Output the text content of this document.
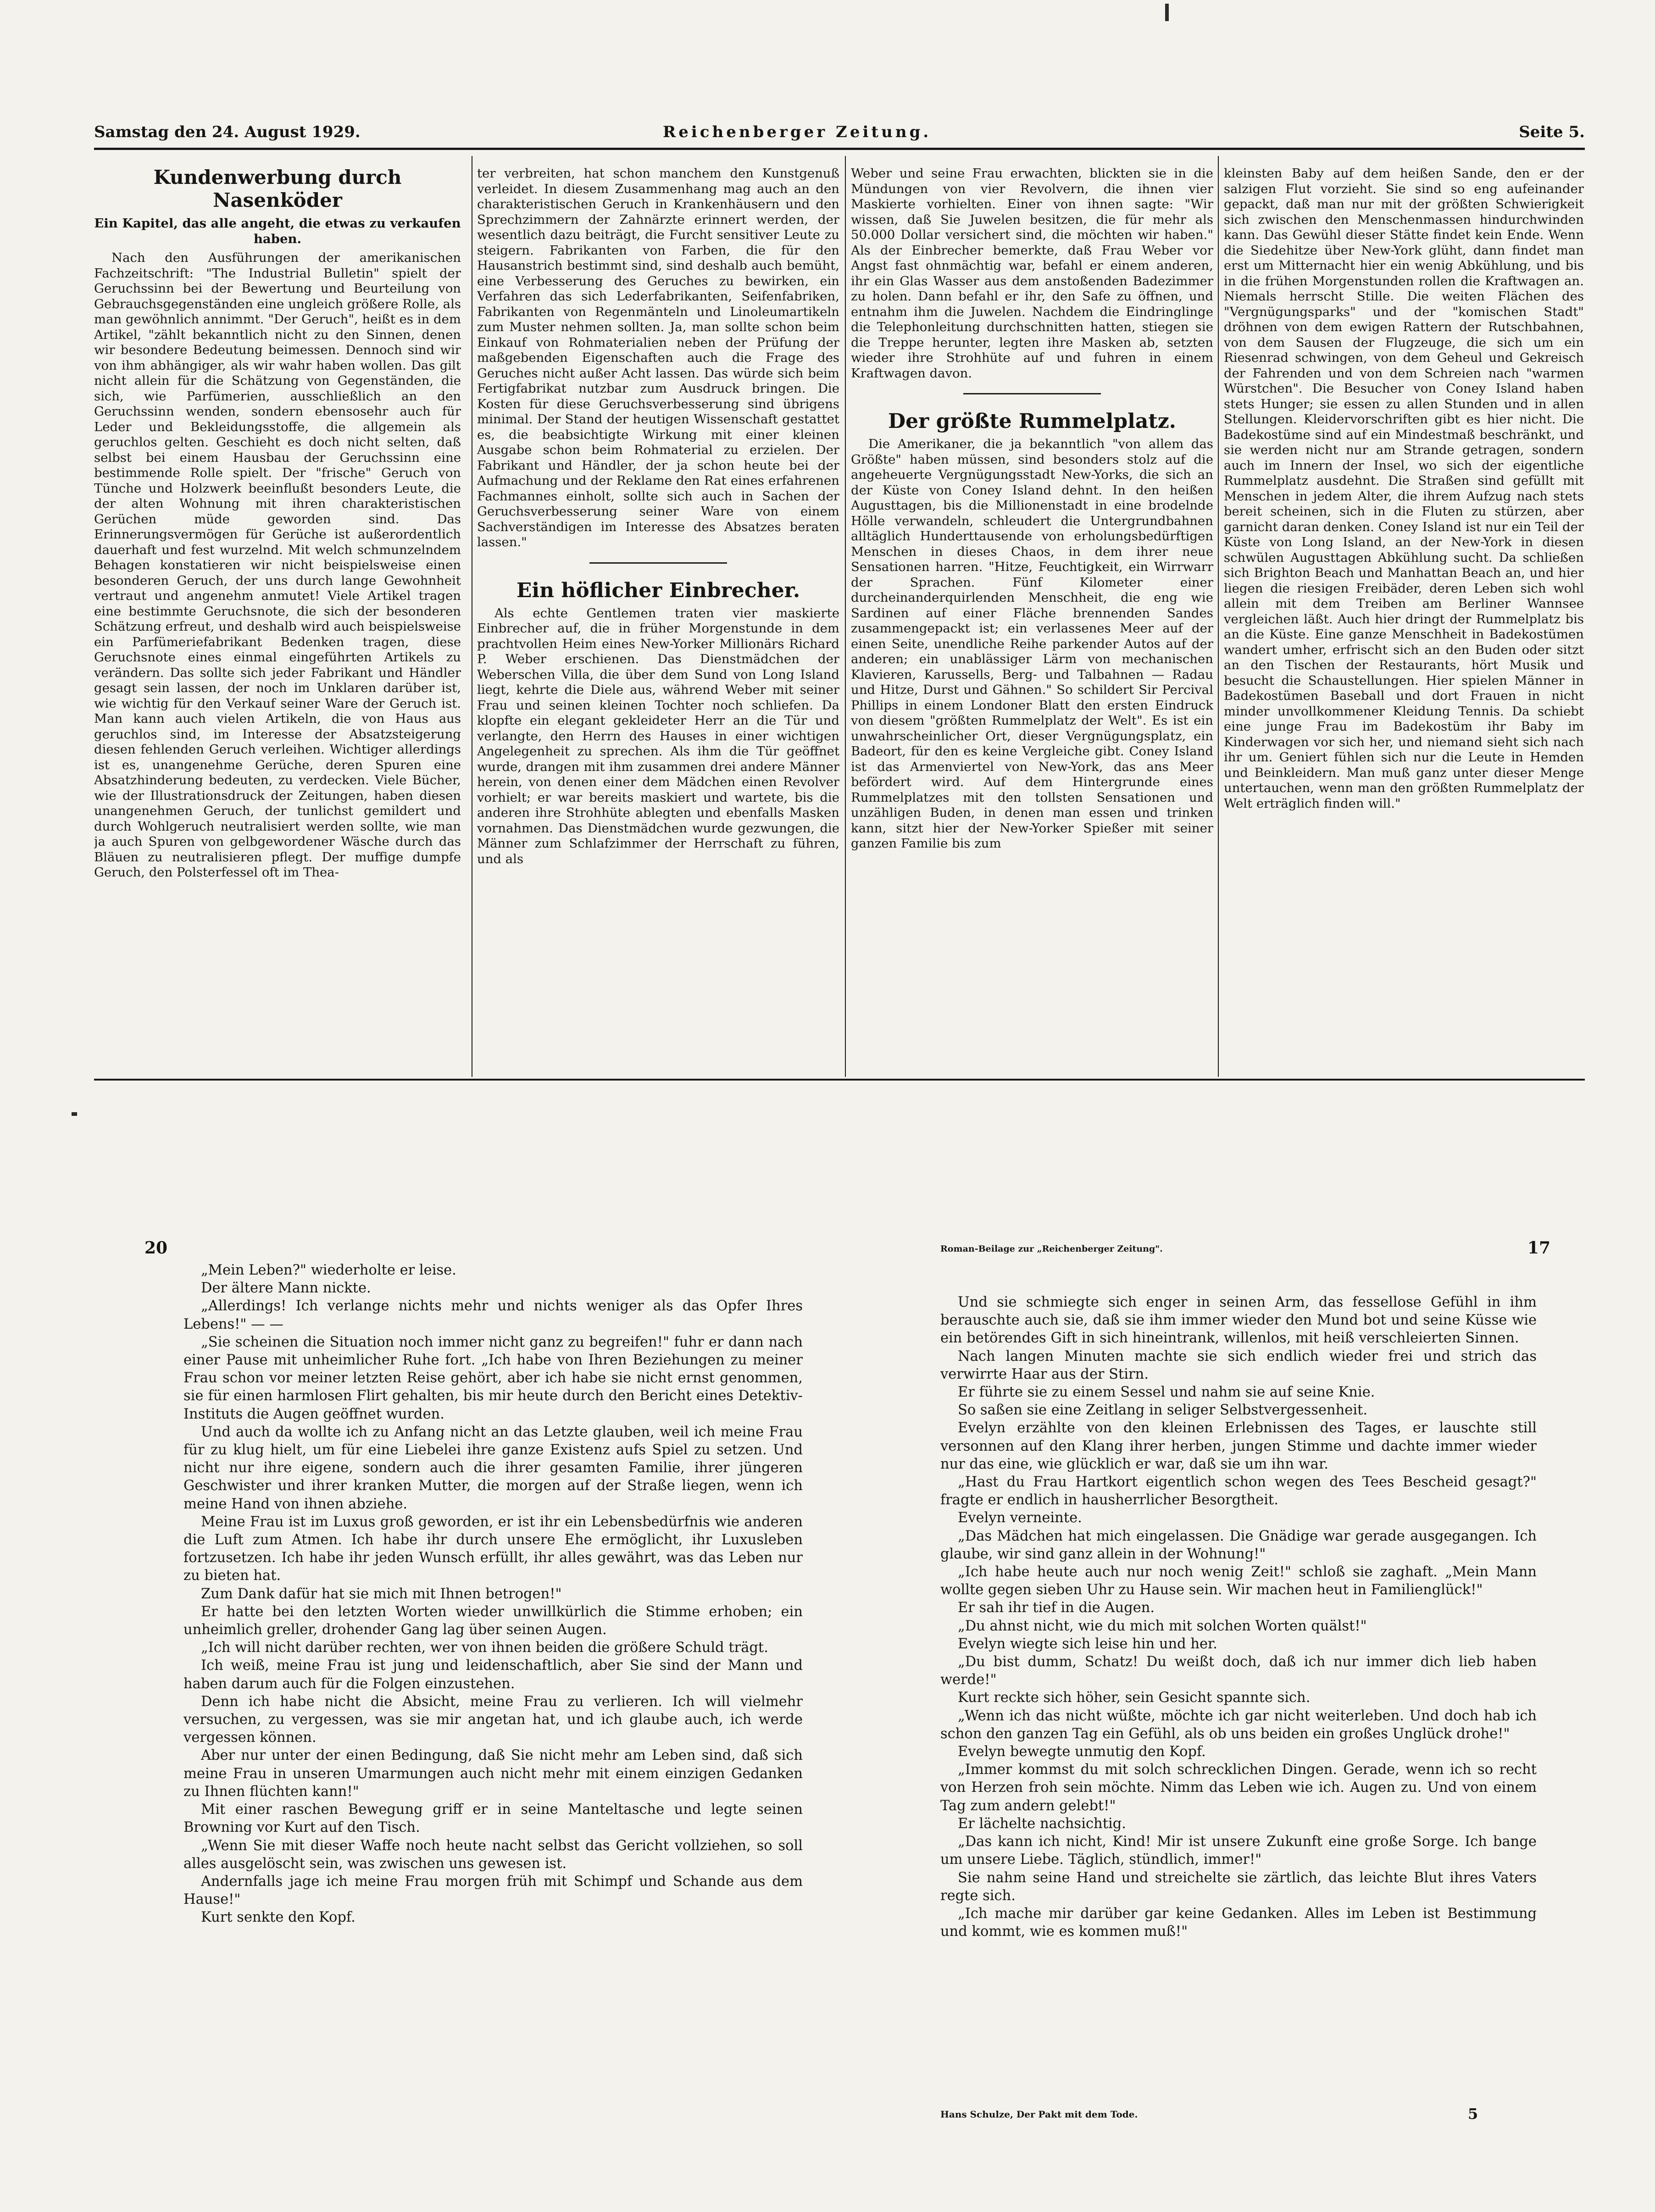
Samstag den 24. August 1929.	Reichenberger Zeitung.	Seite 5.
Kundenwerbung durch Nasenköder
Ein Kapitel, das alle angeht, die etwas zu verkaufen haben.

Nach den Ausführungen der amerikanischen Fachzeitschrift: "The Industrial Bulletin" spielt der Geruchssinn bei der Bewertung und Beurteilung von Gebrauchsgegenständen eine ungleich größere Rolle, als man gewöhnlich annimmt. "Der Geruch", heißt es in dem Artikel, "zählt bekanntlich nicht zu den Sinnen, denen wir besondere Bedeutung beimessen. Dennoch sind wir von ihm abhängiger, als wir wahr haben wollen. Das gilt nicht allein für die Schätzung von Gegenständen, die sich, wie Parfümerien, ausschließlich an den Geruchssinn wenden, sondern ebensosehr auch für Leder und Bekleidungsstoffe, die allgemein als geruchlos gelten. Geschieht es doch nicht selten, daß selbst bei einem Hausbau der Geruchssinn eine bestimmende Rolle spielt. Der "frische" Geruch von Tünche und Holzwerk beeinflußt besonders Leute, die der alten Wohnung mit ihren charakteristischen Gerüchen müde geworden sind. Das Erinnerungsvermögen für Gerüche ist außerordentlich dauerhaft und fest wurzelnd. Mit welch schmunzelndem Behagen konstatieren wir nicht beispielsweise einen besonderen Geruch, der uns durch lange Gewohnheit vertraut und angenehm anmutet! Viele Artikel tragen eine bestimmte Geruchsnote, die sich der besonderen Schätzung erfreut, und deshalb wird auch beispielsweise ein Parfümeriefabrikant Bedenken tragen, diese Geruchsnote eines einmal eingeführten Artikels zu verändern. Das sollte sich jeder Fabrikant und Händler gesagt sein lassen, der noch im Unklaren darüber ist, wie wichtig für den Verkauf seiner Ware der Geruch ist. Man kann auch vielen Artikeln, die von Haus aus geruchlos sind, im Interesse der Absatzsteigerung diesen fehlenden Geruch verleihen. Wichtiger allerdings ist es, unangenehme Gerüche, deren Spuren eine Absatzhinderung bedeuten, zu verdecken. Viele Bücher, wie der Illustrationsdruck der Zeitungen, haben diesen unangenehmen Geruch, der tunlichst gemildert und durch Wohlgeruch neutralisiert werden sollte, wie man ja auch Spuren von gelbgewordener Wäsche durch das Bläuen zu neutralisieren pflegt. Der muffige dumpfe Geruch, den Polsterfessel oft im Thea-

ter verbreiten, hat schon manchem den Kunstgenuß verleidet. In diesem Zusammenhang mag auch an den charakteristischen Geruch in Krankenhäusern und den Sprechzimmern der Zahnärzte erinnert werden, der wesentlich dazu beiträgt, die Furcht sensitiver Leute zu steigern. Fabrikanten von Farben, die für den Hausanstrich bestimmt sind, sind deshalb auch bemüht, eine Verbesserung des Geruches zu bewirken, ein Verfahren das sich Lederfabrikanten, Seifenfabriken, Fabrikanten von Regenmänteln und Linoleumartikeln zum Muster nehmen sollten. Ja, man sollte schon beim Einkauf von Rohmaterialien neben der Prüfung der maßgebenden Eigenschaften auch die Frage des Geruches nicht außer Acht lassen. Das würde sich beim Fertigfabrikat nutzbar zum Ausdruck bringen. Die Kosten für diese Geruchsverbesserung sind übrigens minimal. Der Stand der heutigen Wissenschaft gestattet es, die beabsichtigte Wirkung mit einer kleinen Ausgabe schon beim Rohmaterial zu erzielen. Der Fabrikant und Händler, der ja schon heute bei der Aufmachung und der Reklame den Rat eines erfahrenen Fachmannes einholt, sollte sich auch in Sachen der Geruchsverbesserung seiner Ware von einem Sachverständigen im Interesse des Absatzes beraten lassen."

Ein höflicher Einbrecher.

Als echte Gentlemen traten vier maskierte Einbrecher auf, die in früher Morgenstunde in dem prachtvollen Heim eines New-Yorker Millionärs Richard P. Weber erschienen. Das Dienstmädchen der Weberschen Villa, die über dem Sund von Long Island liegt, kehrte die Diele aus, während Weber mit seiner Frau und seinen kleinen Tochter noch schliefen. Da klopfte ein elegant gekleideter Herr an die Tür und verlangte, den Herrn des Hauses in einer wichtigen Angelegenheit zu sprechen. Als ihm die Tür geöffnet wurde, drangen mit ihm zusammen drei andere Männer herein, von denen einer dem Mädchen einen Revolver vorhielt; er war bereits maskiert und wartete, bis die anderen ihre Strohhüte ablegten und ebenfalls Masken vornahmen. Das Dienstmädchen wurde gezwungen, die Männer zum Schlafzimmer der Herrschaft zu führen, und als

Weber und seine Frau erwachten, blickten sie in die Mündungen von vier Revolvern, die ihnen vier Maskierte vorhielten. Einer von ihnen sagte: "Wir wissen, daß Sie Juwelen besitzen, die für mehr als 50.000 Dollar versichert sind, die möchten wir haben." Als der Einbrecher bemerkte, daß Frau Weber vor Angst fast ohnmächtig war, befahl er einem anderen, ihr ein Glas Wasser aus dem anstoßenden Badezimmer zu holen. Dann befahl er ihr, den Safe zu öffnen, und entnahm ihm die Juwelen. Nachdem die Eindringlinge die Telephonleitung durchschnitten hatten, stiegen sie die Treppe herunter, legten ihre Masken ab, setzten wieder ihre Strohhüte auf und fuhren in einem Kraftwagen davon.

Der größte Rummelplatz.

Die Amerikaner, die ja bekanntlich "von allem das Größte" haben müssen, sind besonders stolz auf die angeheuerte Vergnügungsstadt New-Yorks, die sich an der Küste von Coney Island dehnt. In den heißen Augusttagen, bis die Millionenstadt in eine brodelnde Hölle verwandeln, schleudert die Untergrundbahnen alltäglich Hunderttausende von erholungsbedürftigen Menschen in dieses Chaos, in dem ihrer neue Sensationen harren. "Hitze, Feuchtigkeit, ein Wirrwarr der Sprachen. Fünf Kilometer einer durcheinanderquirlenden Menschheit, die eng wie Sardinen auf einer Fläche brennenden Sandes zusammengepackt ist; ein verlassenes Meer auf der einen Seite, unendliche Reihe parkender Autos auf der anderen; ein unablässiger Lärm von mechanischen Klavieren, Karussells, Berg- und Talbahnen — Radau und Hitze, Durst und Gähnen." So schildert Sir Percival Phillips in einem Londoner Blatt den ersten Eindruck von diesem "größten Rummelplatz der Welt". Es ist ein unwahrscheinlicher Ort, dieser Vergnügungsplatz, ein Badeort, für den es keine Vergleiche gibt. Coney Island ist das Armenviertel von New-York, das ans Meer befördert wird. Auf dem Hintergrunde eines Rummelplatzes mit den tollsten Sensationen und unzähligen Buden, in denen man essen und trinken kann, sitzt hier der New-Yorker Spießer mit seiner ganzen Familie bis zum

kleinsten Baby auf dem heißen Sande, den er der salzigen Flut vorzieht. Sie sind so eng aufeinander gepackt, daß man nur mit der größten Schwierigkeit sich zwischen den Menschenmassen hindurchwinden kann. Das Gewühl dieser Stätte findet kein Ende. Wenn die Siedehitze über New-York glüht, dann findet man erst um Mitternacht hier ein wenig Abkühlung, und bis in die frühen Morgenstunden rollen die Kraftwagen an. Niemals herrscht Stille. Die weiten Flächen des "Vergnügungsparks" und der "komischen Stadt" dröhnen von dem ewigen Rattern der Rutschbahnen, von dem Sausen der Flugzeuge, die sich um ein Riesenrad schwingen, von dem Geheul und Gekreisch der Fahrenden und von dem Schreien nach "warmen Würstchen". Die Besucher von Coney Island haben stets Hunger; sie essen zu allen Stunden und in allen Stellungen. Kleidervorschriften gibt es hier nicht. Die Badekostüme sind auf ein Mindestmaß beschränkt, und sie werden nicht nur am Strande getragen, sondern auch im Innern der Insel, wo sich der eigentliche Rummelplatz ausdehnt. Die Straßen sind gefüllt mit Menschen in jedem Alter, die ihrem Aufzug nach stets bereit scheinen, sich in die Fluten zu stürzen, aber garnicht daran denken. Coney Island ist nur ein Teil der Küste von Long Island, an der New-York in diesen schwülen Augusttagen Abkühlung sucht. Da schließen sich Brighton Beach und Manhattan Beach an, und hier liegen die riesigen Freibäder, deren Leben sich wohl allein mit dem Treiben am Berliner Wannsee vergleichen läßt. Auch hier dringt der Rummelplatz bis an die Küste. Eine ganze Menschheit in Badekostümen wandert umher, erfrischt sich an den Buden oder sitzt an den Tischen der Restaurants, hört Musik und besucht die Schaustellungen. Hier spielen Männer in Badekostümen Baseball und dort Frauen in nicht minder unvollkommener Kleidung Tennis. Da schiebt eine junge Frau im Badekostüm ihr Baby im Kinderwagen vor sich her, und niemand sieht sich nach ihr um. Geniert fühlen sich nur die Leute in Hemden und Beinkleidern. Man muß ganz unter dieser Menge untertauchen, wenn man den größten Rummelplatz der Welt erträglich finden will."

20

„Mein Leben?" wiederholte er leise.

Der ältere Mann nickte.

„Allerdings! Ich verlange nichts mehr und nichts weniger als das Opfer Ihres Lebens!" — —

„Sie scheinen die Situation noch immer nicht ganz zu begreifen!" fuhr er dann nach einer Pause mit unheimlicher Ruhe fort. „Ich habe von Ihren Beziehungen zu meiner Frau schon vor meiner letzten Reise gehört, aber ich habe sie nicht ernst genommen, sie für einen harmlosen Flirt gehalten, bis mir heute durch den Bericht eines Detektiv-Instituts die Augen geöffnet wurden.

Und auch da wollte ich zu Anfang nicht an das Letzte glauben, weil ich meine Frau für zu klug hielt, um für eine Liebelei ihre ganze Existenz aufs Spiel zu setzen. Und nicht nur ihre eigene, sondern auch die ihrer gesamten Familie, ihrer jüngeren Geschwister und ihrer kranken Mutter, die morgen auf der Straße liegen, wenn ich meine Hand von ihnen abziehe.

Meine Frau ist im Luxus groß geworden, er ist ihr ein Lebensbedürfnis wie anderen die Luft zum Atmen. Ich habe ihr durch unsere Ehe ermöglicht, ihr Luxusleben fortzusetzen. Ich habe ihr jeden Wunsch erfüllt, ihr alles gewährt, was das Leben nur zu bieten hat.

Zum Dank dafür hat sie mich mit Ihnen betrogen!"

Er hatte bei den letzten Worten wieder unwillkürlich die Stimme erhoben; ein unheimlich greller, drohender Gang lag über seinen Augen.

„Ich will nicht darüber rechten, wer von ihnen beiden die größere Schuld trägt.

Ich weiß, meine Frau ist jung und leidenschaftlich, aber Sie sind der Mann und haben darum auch für die Folgen einzustehen.

Denn ich habe nicht die Absicht, meine Frau zu verlieren. Ich will vielmehr versuchen, zu vergessen, was sie mir angetan hat, und ich glaube auch, ich werde vergessen können.

Aber nur unter der einen Bedingung, daß Sie nicht mehr am Leben sind, daß sich meine Frau in unseren Umarmungen auch nicht mehr mit einem einzigen Gedanken zu Ihnen flüchten kann!"

Mit einer raschen Bewegung griff er in seine Manteltasche und legte seinen Browning vor Kurt auf den Tisch.

„Wenn Sie mit dieser Waffe noch heute nacht selbst das Gericht vollziehen, so soll alles ausgelöscht sein, was zwischen uns gewesen ist.

Andernfalls jage ich meine Frau morgen früh mit Schimpf und Schande aus dem Hause!"

Kurt senkte den Kopf.

Roman-Beilage zur „Reichenberger Zeitung".	17

Und sie schmiegte sich enger in seinen Arm, das fessellose Gefühl in ihm berauschte auch sie, daß sie ihm immer wieder den Mund bot und seine Küsse wie ein betörendes Gift in sich hineintrank, willenlos, mit heiß verschleierten Sinnen.

Nach langen Minuten machte sie sich endlich wieder frei und strich das verwirrte Haar aus der Stirn.

Er führte sie zu einem Sessel und nahm sie auf seine Knie.

So saßen sie eine Zeitlang in seliger Selbstvergessenheit.

Evelyn erzählte von den kleinen Erlebnissen des Tages, er lauschte still versonnen auf den Klang ihrer herben, jungen Stimme und dachte immer wieder nur das eine, wie glücklich er war, daß sie um ihn war.

„Hast du Frau Hartkort eigentlich schon wegen des Tees Bescheid gesagt?" fragte er endlich in hausherrlicher Besorgtheit.

Evelyn verneinte.

„Das Mädchen hat mich eingelassen. Die Gnädige war gerade ausgegangen. Ich glaube, wir sind ganz allein in der Wohnung!"

„Ich habe heute auch nur noch wenig Zeit!" schloß sie zaghaft. „Mein Mann wollte gegen sieben Uhr zu Hause sein. Wir machen heut in Familienglück!"

Er sah ihr tief in die Augen.

„Du ahnst nicht, wie du mich mit solchen Worten quälst!"

Evelyn wiegte sich leise hin und her.

„Du bist dumm, Schatz! Du weißt doch, daß ich nur immer dich lieb haben werde!"

Kurt reckte sich höher, sein Gesicht spannte sich.

„Wenn ich das nicht wüßte, möchte ich gar nicht weiterleben. Und doch hab ich schon den ganzen Tag ein Gefühl, als ob uns beiden ein großes Unglück drohe!"

Evelyn bewegte unmutig den Kopf.

„Immer kommst du mit solch schrecklichen Dingen. Gerade, wenn ich so recht von Herzen froh sein möchte. Nimm das Leben wie ich. Augen zu. Und von einem Tag zum andern gelebt!"

Er lächelte nachsichtig.

„Das kann ich nicht, Kind! Mir ist unsere Zukunft eine große Sorge. Ich bange um unsere Liebe. Täglich, stündlich, immer!"

Sie nahm seine Hand und streichelte sie zärtlich, das leichte Blut ihres Vaters regte sich.

„Ich mache mir darüber gar keine Gedanken. Alles im Leben ist Bestimmung und kommt, wie es kommen muß!"

Hans Schulze, Der Pakt mit dem Tode.	5
